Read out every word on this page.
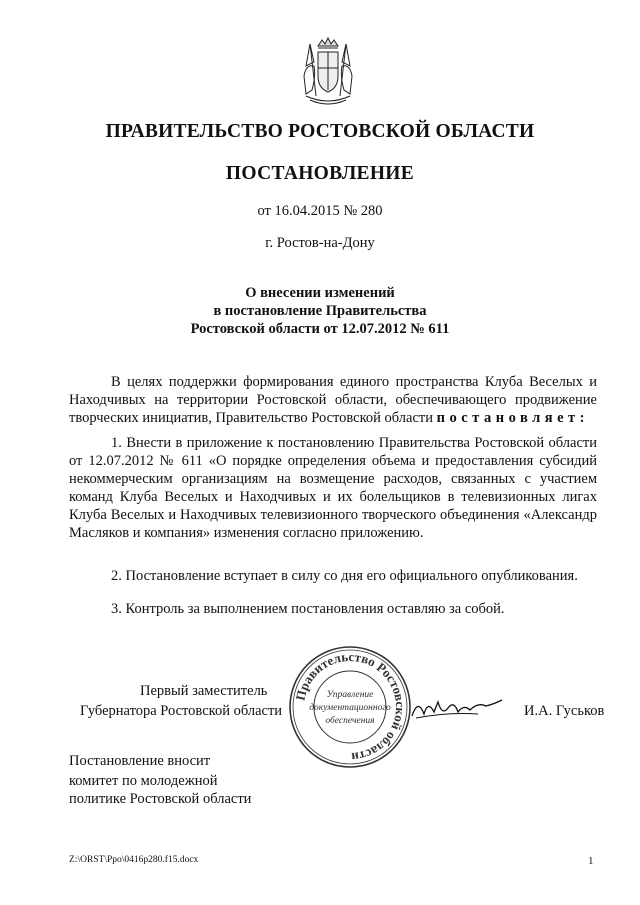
ПРАВИТЕЛЬСТВО РОСТОВСКОЙ ОБЛАСТИ
ПОСТАНОВЛЕНИЕ
от 16.04.2015 № 280
г. Ростов-на-Дону
О внесении изменений
в постановление Правительства
Ростовской области от 12.07.2012 № 611
В целях поддержки формирования единого пространства Клуба Веселых и Находчивых на территории Ростовской области, обеспечивающего продвижение творческих инициатив, Правительство Ростовской области постановляет:
1. Внести в приложение к постановлению Правительства Ростовской области от 12.07.2012 № 611 «О порядке определения объема и предоставления субсидий некоммерческим организациям на возмещение расходов, связанных с участием команд Клуба Веселых и Находчивых и их болельщиков в телевизионных лигах Клуба Веселых и Находчивых телевизионного творческого объединения «Александр Масляков и компания» изменения согласно приложению.
2. Постановление вступает в силу со дня его официального опубликования.
3. Контроль за выполнением постановления оставляю за собой.
Первый заместитель
Губернатора Ростовской области
Правительство Ростовской области
Управление
документационного
обеспечения
И.А. Гуськов
Постановление вносит
комитет по молодежной
политике Ростовской области
Z:\ORST\Ppo\0416p280.f15.docx	1
